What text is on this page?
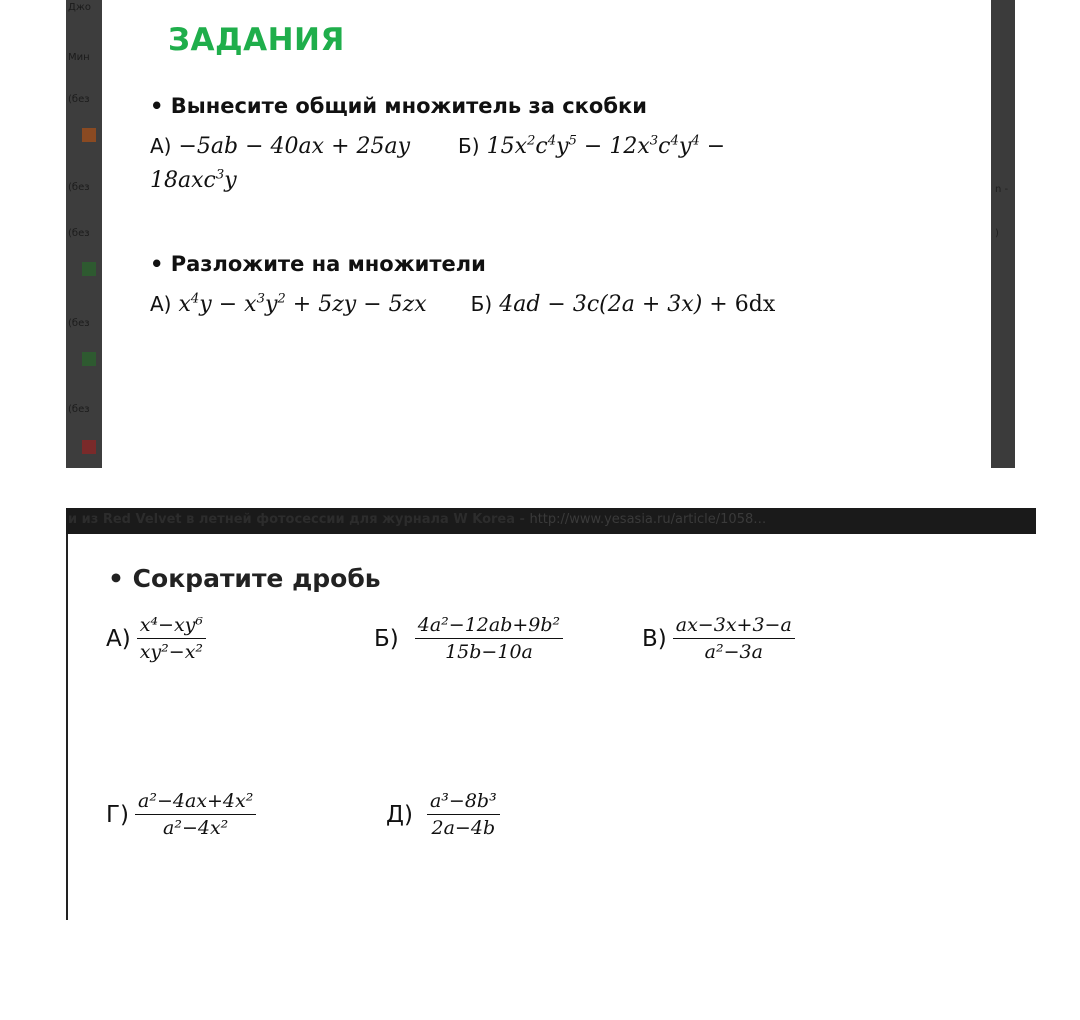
Джо
Мин
(без
(без
(без
(без
(без
ЗАДАНИЯ
• Вынесите общий множитель за скобки
А) −5ab − 40ax + 25ay Б) $15x^2c^4y^5 - 12x^3c^4y^4$ −
18axc$^3$y
• Разложите на множители
А) $x^4y - x^3y^2 + 5zy - 5zx$ Б) 4ad − 3c(2a + 3x) + 6dx
n -
)
и из Red Velvet в летней фотосессии для журнала W Korea - http://www.yesasia.ru/article/1058…
• Сократите дробь
$А) \frac{\text{x⁴−xy⁶}}{\text{xy²−x²}}$	$Б) \frac{\text{4a²−12ab+9b²}}{15b-10a}$	$В) \frac{ax-3x+3-a}{\text{a²−3a}}$
$Г) \frac{\text{a²−4ax+4x²}}{\text{a²−4x²}}$	$Д) \frac{\text{a³−8b³}}{2a-4b}$
